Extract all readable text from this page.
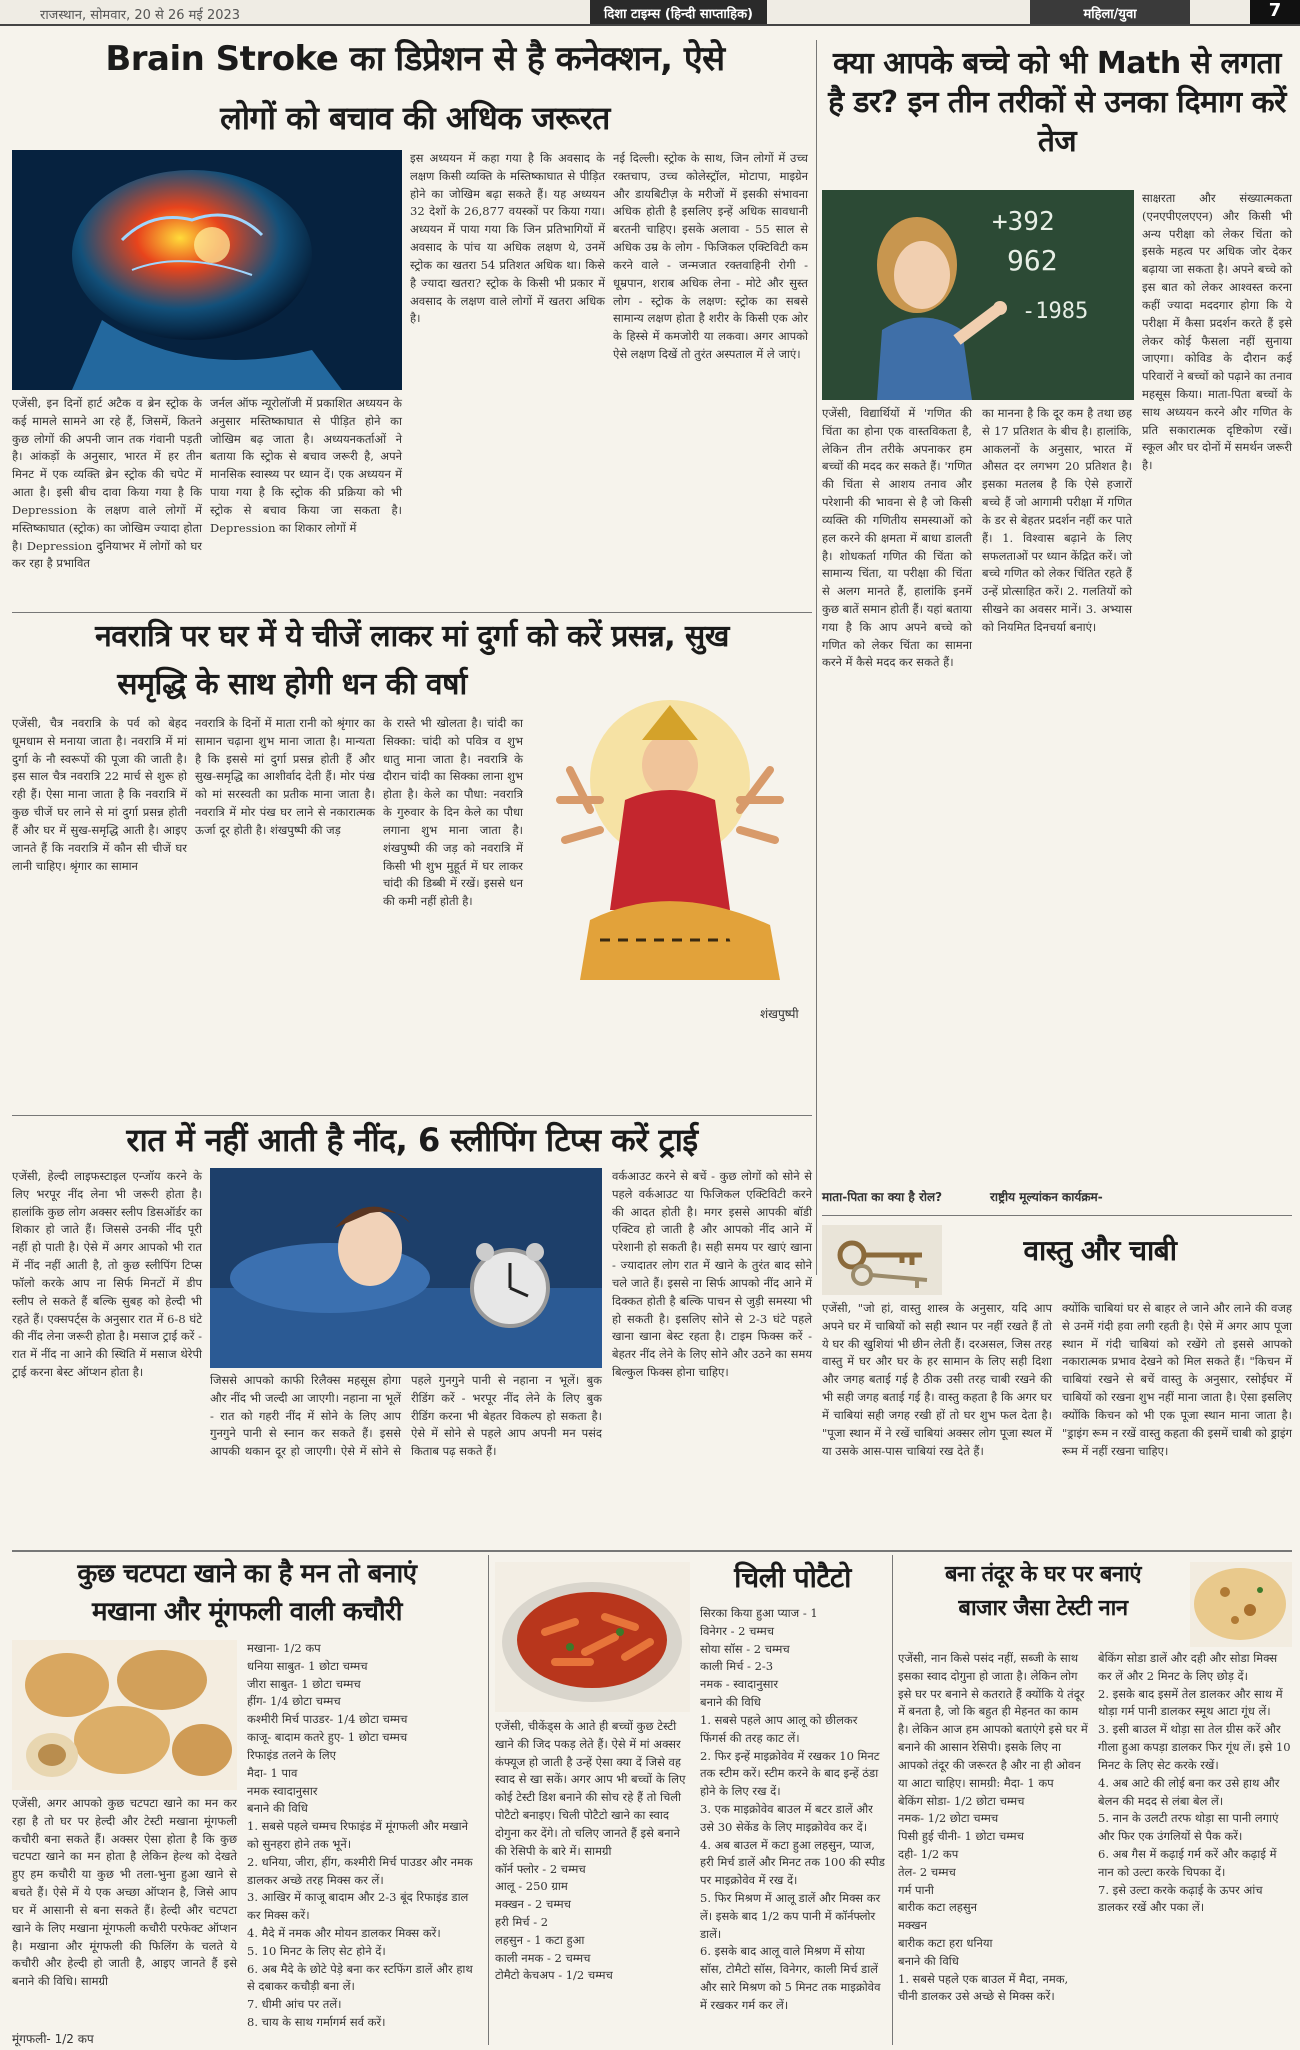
राजस्थान, सोमवार, 20 से 26 मई 2023	दिशा टाइम्स (हिन्दी साप्ताहिक)	महिला/युवा	7
Brain Stroke का डिप्रेशन से है कनेक्शन, ऐसे
लोगों को बचाव की अधिक जरूरत
एजेंसी, इन दिनों हार्ट अटैक व ब्रेन स्ट्रोक के कई मामले सामने आ रहे हैं, जिसमें, कितने कुछ लोगों की अपनी जान तक गंवानी पड़ती है। आंकड़ों के अनुसार, भारत में हर तीन मिनट में एक व्यक्ति ब्रेन स्ट्रोक की चपेट में आता है। इसी बीच दावा किया गया है कि Depression के लक्षण वाले लोगों में मस्तिष्काघात (स्ट्रोक) का जोखिम ज्यादा होता है। Depression दुनियाभर में लोगों को घर कर रहा है प्रभावित
जर्नल ऑफ न्यूरोलॉजी में प्रकाशित अध्ययन के अनुसार मस्तिष्काघात से पीड़ित होने का जोखिम बढ़ जाता है। अध्ययनकर्ताओं ने बताया कि स्ट्रोक से बचाव जरूरी है, अपने मानसिक स्वास्थ्य पर ध्यान दें। एक अध्ययन में पाया गया है कि स्ट्रोक की प्रक्रिया को भी स्ट्रोक से बचाव किया जा सकता है। Depression का शिकार लोगों में
इस अध्ययन में कहा गया है कि अवसाद के लक्षण किसी व्यक्ति के मस्तिष्काघात से पीड़ित होने का जोखिम बढ़ा सकते हैं। यह अध्ययन 32 देशों के 26,877 वयस्कों पर किया गया। अध्ययन में पाया गया कि जिन प्रतिभागियों में अवसाद के पांच या अधिक लक्षण थे, उनमें स्ट्रोक का खतरा 54 प्रतिशत अधिक था। किसे है ज्यादा खतरा? स्ट्रोक के किसी भी प्रकार में अवसाद के लक्षण वाले लोगों में खतरा अधिक है।
नई दिल्ली। स्ट्रोक के साथ, जिन लोगों में उच्च रक्तचाप, उच्च कोलेस्ट्रॉल, मोटापा, माइग्रेन और डायबिटीज़ के मरीजों में इसकी संभावना अधिक होती है इसलिए इन्हें अधिक सावधानी बरतनी चाहिए। इसके अलावा - 55 साल से अधिक उम्र के लोग - फिजिकल एक्टिविटी कम करने वाले - जन्मजात रक्तवाहिनी रोगी - धूम्रपान, शराब अधिक लेना - मोटे और सुस्त लोग - स्ट्रोक के लक्षण: स्ट्रोक का सबसे सामान्य लक्षण होता है शरीर के किसी एक ओर के हिस्से में कमजोरी या लकवा। अगर आपको ऐसे लक्षण दिखें तो तुरंत अस्पताल में ले जाएं।
क्या आपके बच्चे को भी Math से लगता है डर? इन तीन तरीकों से उनका दिमाग करें तेज
+392
962
-1985
एजेंसी, विद्यार्थियों में 'गणित की चिंता का होना एक वास्तविकता है, लेकिन तीन तरीके अपनाकर हम बच्चों की मदद कर सकते हैं। 'गणित की चिंता से आशय तनाव और परेशानी की भावना से है जो किसी व्यक्ति की गणितीय समस्याओं को हल करने की क्षमता में बाधा डालती है। शोधकर्ता गणित की चिंता को सामान्य चिंता, या परीक्षा की चिंता से अलग मानते हैं, हालांकि इनमें कुछ बातें समान होती हैं। यहां बताया गया है कि आप अपने बच्चे को गणित को लेकर चिंता का सामना करने में कैसे मदद कर सकते हैं।
का मानना है कि दूर कम है तथा छह से 17 प्रतिशत के बीच है। हालांकि, आकलनों के अनुसार, भारत में औसत दर लगभग 20 प्रतिशत है। इसका मतलब है कि ऐसे हजारों बच्चे हैं जो आगामी परीक्षा में गणित के डर से बेहतर प्रदर्शन नहीं कर पाते हैं। 1. विश्वास बढ़ाने के लिए सफलताओं पर ध्यान केंद्रित करें। जो बच्चे गणित को लेकर चिंतित रहते हैं उन्हें प्रोत्साहित करें। 2. गलतियों को सीखने का अवसर मानें। 3. अभ्यास को नियमित दिनचर्या बनाएं।
साक्षरता और संख्यात्मकता (एनएपीएलएएन) और किसी भी अन्य परीक्षा को लेकर चिंता को इसके महत्व पर अधिक जोर देकर बढ़ाया जा सकता है। अपने बच्चे को इस बात को लेकर आश्वस्त करना कहीं ज्यादा मददगार होगा कि ये परीक्षा में कैसा प्रदर्शन करते हैं इसे लेकर कोई फैसला नहीं सुनाया जाएगा। कोविड के दौरान कई परिवारों ने बच्चों को पढ़ाने का तनाव महसूस किया। माता-पिता बच्चों के साथ अध्ययन करने और गणित के प्रति सकारात्मक दृष्टिकोण रखें। स्कूल और घर दोनों में समर्थन जरूरी है।
माता-पिता का क्या है रोल?	राष्ट्रीय मूल्यांकन कार्यक्रम-
नवरात्रि पर घर में ये चीजें लाकर मां दुर्गा को करें प्रसन्न, सुख
समृद्धि के साथ होगी धन की वर्षा
एजेंसी, चैत्र नवरात्रि के पर्व को बेहद धूमधाम से मनाया जाता है। नवरात्रि में मां दुर्गा के नौ स्वरूपों की पूजा की जाती है। इस साल चैत्र नवरात्रि 22 मार्च से शुरू हो रही हैं। ऐसा माना जाता है कि नवरात्रि में कुछ चीजें घर लाने से मां दुर्गा प्रसन्न होती हैं और घर में सुख-समृद्धि आती है। आइए जानते हैं कि नवरात्रि में कौन सी चीजें घर लानी चाहिए। श्रृंगार का सामान
नवरात्रि के दिनों में माता रानी को श्रृंगार का सामान चढ़ाना शुभ माना जाता है। मान्यता है कि इससे मां दुर्गा प्रसन्न होती हैं और सुख-समृद्धि का आशीर्वाद देती हैं। मोर पंख को मां सरस्वती का प्रतीक माना जाता है। नवरात्रि में मोर पंख घर लाने से नकारात्मक ऊर्जा दूर होती है। शंखपुष्पी की जड़
के रास्ते भी खोलता है। चांदी का सिक्का: चांदी को पवित्र व शुभ धातु माना जाता है। नवरात्रि के दौरान चांदी का सिक्का लाना शुभ होता है। केले का पौधा: नवरात्रि के गुरुवार के दिन केले का पौधा लगाना शुभ माना जाता है। शंखपुष्पी की जड़ को नवरात्रि में किसी भी शुभ मुहूर्त में घर लाकर चांदी की डिब्बी में रखें। इससे धन की कमी नहीं होती है।
शंखपुष्पी
रात में नहीं आती है नींद, 6 स्लीपिंग टिप्स करें ट्राई
एजेंसी, हेल्दी लाइफस्टाइल एन्जॉय करने के लिए भरपूर नींद लेना भी जरूरी होता है। हालांकि कुछ लोग अक्सर स्लीप डिसऑर्डर का शिकार हो जाते हैं। जिससे उनकी नींद पूरी नहीं हो पाती है। ऐसे में अगर आपको भी रात में नींद नहीं आती है, तो कुछ स्लीपिंग टिप्स फॉलो करके आप ना सिर्फ मिनटों में डीप स्लीप ले सकते हैं बल्कि सुबह को हेल्दी भी रहते हैं। एक्सपर्ट्स के अनुसार रात में 6-8 घंटे की नींद लेना जरूरी होता है। मसाज ट्राई करें - रात में नींद ना आने की स्थिति में मसाज थेरेपी ट्राई करना बेस्ट ऑप्शन होता है।
जिससे आपको काफी रिलैक्स महसूस होगा और नींद भी जल्दी आ जाएगी। नहाना ना भूलें - रात को गहरी नींद में सोने के लिए आप गुनगुने पानी से स्नान कर सकते हैं। इससे आपकी थकान दूर हो जाएगी। ऐसे में सोने से पहले गुनगुने पानी से नहाना न भूलें। बुक रीडिंग करें - भरपूर नींद लेने के लिए बुक रीडिंग करना भी बेहतर विकल्प हो सकता है। ऐसे में सोने से पहले आप अपनी मन पसंद किताब पढ़ सकते हैं।
वर्कआउट करने से बचें - कुछ लोगों को सोने से पहले वर्कआउट या फिजिकल एक्टिविटी करने की आदत होती है। मगर इससे आपकी बॉडी एक्टिव हो जाती है और आपको नींद आने में परेशानी हो सकती है। सही समय पर खाएं खाना - ज्यादातर लोग रात में खाने के तुरंत बाद सोने चले जाते हैं। इससे ना सिर्फ आपको नींद आने में दिक्कत होती है बल्कि पाचन से जुड़ी समस्या भी हो सकती है। इसलिए सोने से 2-3 घंटे पहले खाना खाना बेस्ट रहता है। टाइम फिक्स करें - बेहतर नींद लेने के लिए सोने और उठने का समय बिल्कुल फिक्स होना चाहिए।
वास्तु और चाबी
एजेंसी, "जो हां, वास्तु शास्त्र के अनुसार, यदि आप अपने घर में चाबियों को सही स्थान पर नहीं रखते हैं तो ये घर की खुशियां भी छीन लेती हैं। दरअसल, जिस तरह वास्तु में घर और घर के हर सामान के लिए सही दिशा और जगह बताई गई है ठीक उसी तरह चाबी रखने की भी सही जगह बताई गई है। वास्तु कहता है कि अगर घर में चाबियां सही जगह रखी हों तो घर शुभ फल देता है। "पूजा स्थान में ने रखें चाबियां अक्सर लोग पूजा स्थल में या उसके आस-पास चाबियां रख देते हैं।
क्योंकि चाबियां घर से बाहर ले जाने और लाने की वजह से उनमें गंदी हवा लगी रहती है। ऐसे में अगर आप पूजा स्थान में गंदी चाबियां को रखेंगे तो इससे आपको नकारात्मक प्रभाव देखने को मिल सकते हैं। "किचन में चाबियां रखने से बचें वास्तु के अनुसार, रसोईघर में चाबियों को रखना शुभ नहीं माना जाता है। ऐसा इसलिए क्योंकि किचन को भी एक पूजा स्थान माना जाता है। "ड्राइंग रूम न रखें वास्तु कहता की इसमें चाबी को ड्राइंग रूम में नहीं रखना चाहिए।
कुछ चटपटा खाने का है मन तो बनाएं
मखाना और मूंगफली वाली कचौरी
एजेंसी, अगर आपको कुछ चटपटा खाने का मन कर रहा है तो घर पर हेल्दी और टेस्टी मखाना मूंगफली कचौरी बना सकते हैं। अक्सर ऐसा होता है कि कुछ चटपटा खाने का मन होता है लेकिन हेल्थ को देखते हुए हम कचौरी या कुछ भी तला-भुना हुआ खाने से बचते हैं। ऐसे में ये एक अच्छा ऑप्शन है, जिसे आप घर में आसानी से बना सकते हैं। हेल्दी और चटपटा खाने के लिए मखाना मूंगफली कचौरी परफेक्ट ऑप्शन है। मखाना और मूंगफली की फिलिंग के चलते ये कचौरी और हेल्दी हो जाती है, आइए जानते हैं इसे बनाने की विधि। सामग्री
मखाना- 1/2 कप
धनिया साबुत- 1 छोटा चम्मच
जीरा साबुत- 1 छोटा चम्मच
हींग- 1/4 छोटा चम्मच
कश्मीरी मिर्च पाउडर- 1/4 छोटा चम्मच
काजू- बादाम कतरे हुए- 1 छोटा चम्मच
रिफाइंड तलने के लिए
मैदा- 1 पाव
नमक स्वादानुसार
बनाने की विधि
1. सबसे पहले चम्मच रिफाइंड में मूंगफली और मखाने को सुनहरा होने तक भूनें।
2. धनिया, जीरा, हींग, कश्मीरी मिर्च पाउडर और नमक डालकर अच्छे तरह मिक्स कर लें।
3. आखिर में काजू बादाम और 2-3 बूंद रिफाइंड डाल कर मिक्स करें।
4. मैदे में नमक और मोयन डालकर मिक्स करें।
5. 10 मिनट के लिए सेट होने दें।
6. अब मैदे के छोटे पेड़े बना कर स्टफिंग डालें और हाथ से दबाकर कचौड़ी बना लें।
7. धीमी आंच पर तलें।
8. चाय के साथ गर्मागर्म सर्व करें।
मूंगफली- 1/2 कप
एजेंसी, चीकेंड्स के आते ही बच्चों कुछ टेस्टी खाने की जिद पकड़ लेते हैं। ऐसे में मां अक्सर कंफ्यूज हो जाती है उन्हें ऐसा क्या दें जिसे वह स्वाद से खा सकें। अगर आप भी बच्चों के लिए कोई टेस्टी डिश बनाने की सोच रहे हैं तो चिली पोटैटो बनाइए। चिली पोटैटो खाने का स्वाद दोगुना कर देंगे। तो चलिए जानते हैं इसे बनाने की रेसिपी के बारे में। सामग्री
कॉर्न फ्लोर - 2 चम्मच
आलू - 250 ग्राम
मक्खन - 2 चम्मच
हरी मिर्च - 2
लहसुन - 1 कटा हुआ
काली नमक - 2 चम्मच
टोमैटो केचअप - 1/2 चम्मच
चिली पोटैटो
सिरका किया हुआ प्याज - 1
विनेगर - 2 चम्मच
सोया सॉस - 2 चम्मच
काली मिर्च - 2-3
नमक - स्वादानुसार
बनाने की विधि
1. सबसे पहले आप आलू को छीलकर फिंगर्स की तरह काट लें।
2. फिर इन्हें माइक्रोवेव में रखकर 10 मिनट तक स्टीम करें। स्टीम करने के बाद इन्हें ठंडा होने के लिए रख दें।
3. एक माइक्रोवेव बाउल में बटर डालें और उसे 30 सेकेंड के लिए माइक्रोवेव कर दें।
4. अब बाउल में कटा हुआ लहसुन, प्याज, हरी मिर्च डालें और मिनट तक 100 की स्पीड पर माइक्रोवेव में रख दें।
5. फिर मिश्रण में आलू डालें और मिक्स कर लें। इसके बाद 1/2 कप पानी में कॉर्नफ्लोर डालें।
6. इसके बाद आलू वाले मिश्रण में सोया सॉस, टोमैटो सॉस, विनेगर, काली मिर्च डालें और सारे मिश्रण को 5 मिनट तक माइक्रोवेव में रखकर गर्म कर लें।
बना तंदूर के घर पर बनाएं
बाजार जैसा टेस्टी नान
एजेंसी, नान किसे पसंद नहीं, सब्जी के साथ इसका स्वाद दोगुना हो जाता है। लेकिन लोग इसे घर पर बनाने से कतराते हैं क्योंकि ये तंदूर में बनता है, जो कि बहुत ही मेहनत का काम है। लेकिन आज हम आपको बताएंगे इसे घर में बनाने की आसान रेसिपी। इसके लिए ना आपको तंदूर की जरूरत है और ना ही ओवन या आटा चाहिए। सामग्री: मैदा- 1 कप
बेकिंग सोडा- 1/2 छोटा चम्मच
नमक- 1/2 छोटा चम्मच
पिसी हुई चीनी- 1 छोटा चम्मच
दही- 1/2 कप
तेल- 2 चम्मच
गर्म पानी
बारीक कटा लहसुन
मक्खन
बारीक कटा हरा धनिया
बनाने की विधि
1. सबसे पहले एक बाउल में मैदा, नमक, चीनी डालकर उसे अच्छे से मिक्स करें।
बेकिंग सोडा डालें और दही और सोडा मिक्स कर लें और 2 मिनट के लिए छोड़ दें।
2. इसके बाद इसमें तेल डालकर और साथ में थोड़ा गर्म पानी डालकर स्मूथ आटा गूंध लें।
3. इसी बाउल में थोड़ा सा तेल ग्रीस करें और गीला हुआ कपड़ा डालकर फिर गूंध लें। इसे 10 मिनट के लिए सेट करके रखें।
4. अब आटे की लोई बना कर उसे हाथ और बेलन की मदद से लंबा बेल लें।
5. नान के उलटी तरफ थोड़ा सा पानी लगाएं और फिर एक उंगलियों से पैक करें।
6. अब गैस में कढ़ाई गर्म करें और कढ़ाई में नान को उल्टा करके चिपका दें।
7. इसे उल्टा करके कढ़ाई के ऊपर आंच डालकर रखें और पका लें।
